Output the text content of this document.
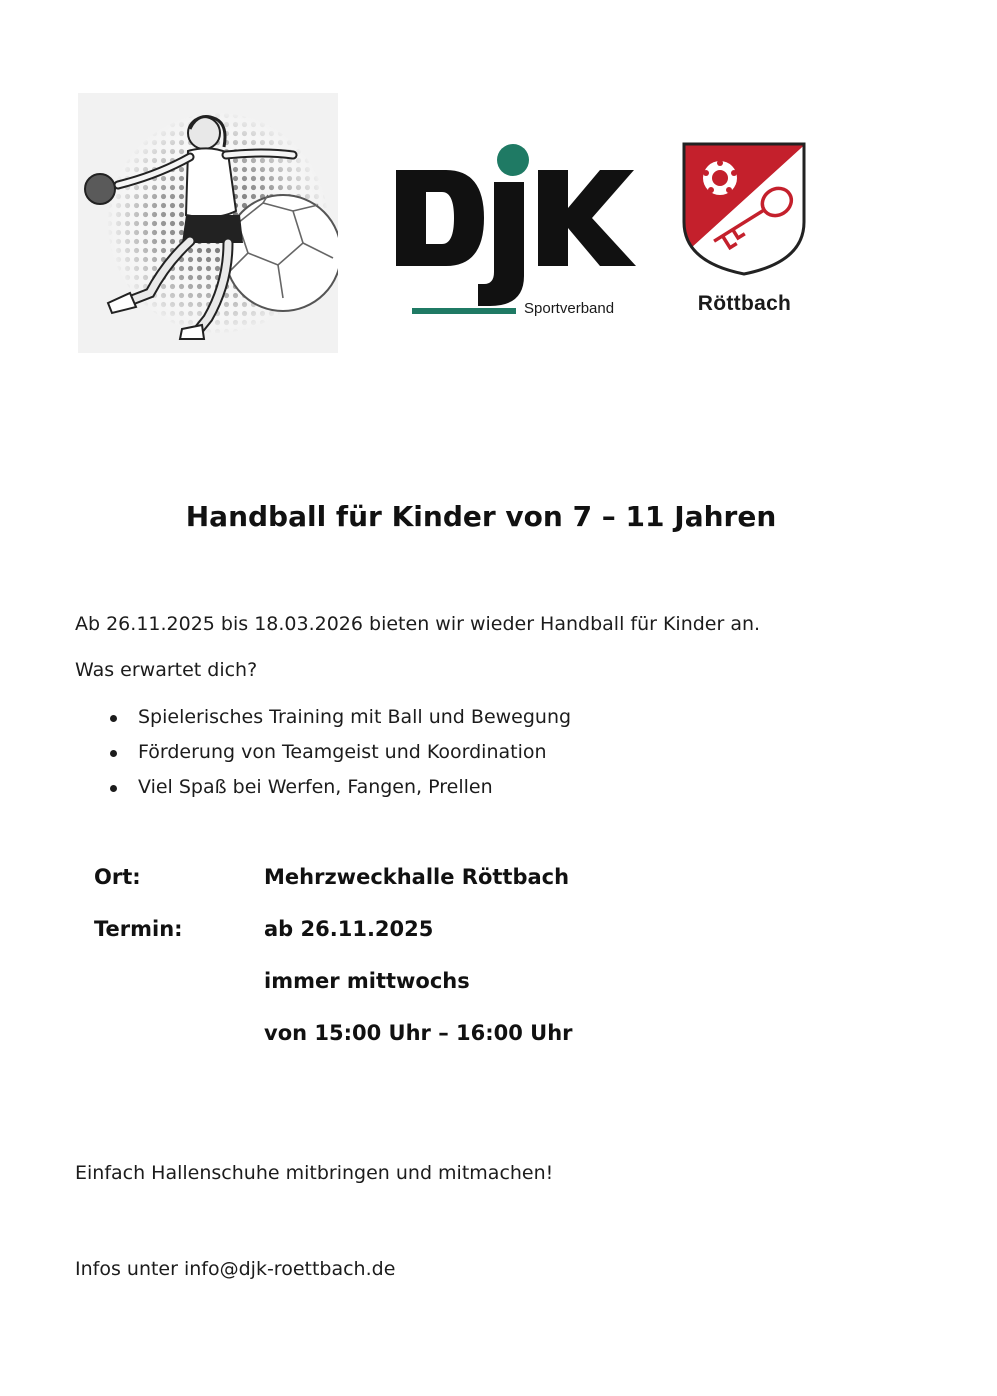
Sportverband	Röttbach
Handball für Kinder von 7 – 11 Jahren
Ab 26.11.2025 bis 18.03.2026 bieten wir wieder Handball für Kinder an.
Was erwartet dich?
Spielerisches Training mit Ball und Bewegung
Förderung von Teamgeist und Koordination
Viel Spaß bei Werfen, Fangen, Prellen
Ort:	Mehrzweckhalle Röttbach
Termin:	ab 26.11.2025
immer mittwochs
von 15:00 Uhr – 16:00 Uhr
Einfach Hallenschuhe mitbringen und mitmachen!
Infos unter info@djk-roettbach.de
